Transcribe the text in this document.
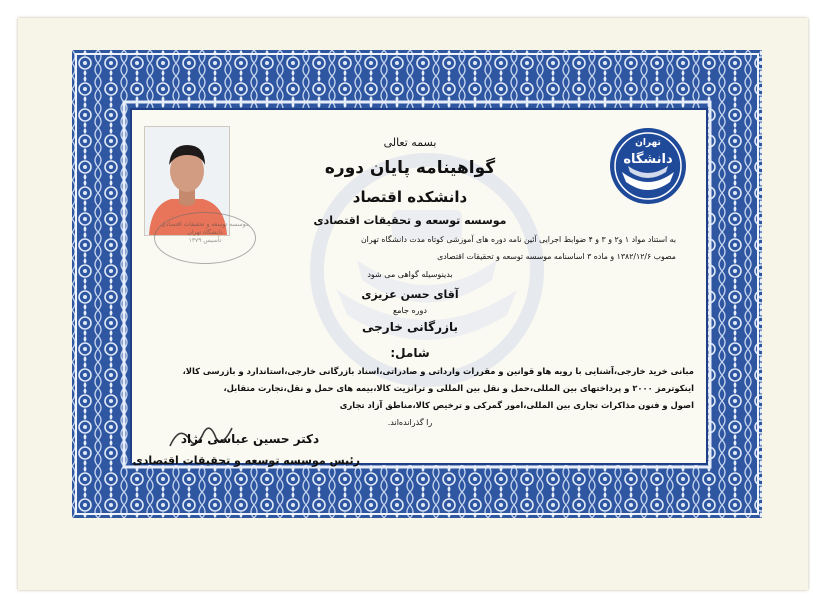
موسسه توسعه و تحقیقات اقتصادی
دانشگاه تهران
تأسیس ۱۳۷۹
تهران
دانشگاه
بسمه تعالی
گواهینامه پایان دوره
دانشکده اقتصاد
موسسه توسعه و تحقیقات اقتصادی
به استناد مواد ۱ و۲ و ۳ و ۴ ضوابط اجرایی آئین نامه دوره های آموزشی کوتاه مدت دانشگاه تهران
مصوب ۱۳۸۲/۱۲/۶ و ماده ۳ اساسنامه موسسه توسعه و تحقیقات اقتصادی
بدینوسیله گواهی می شود
آقای حسن عزیزی
دوره جامع
بازرگانی خارجی
شامل:
مبانی خرید خارجی،آشنایی با رویه هاو قوانین و مقررات وارداتی و صادراتی،اسناد بازرگانی خارجی،استاندارد و بازرسی کالا،
اینکوترمز ۲۰۰۰ و پرداختهای بین المللی،حمل و نقل بین المللی و ترانزیت کالا،بیمه های حمل و نقل،تجارت متقابل،
اصول و فنون مذاکرات تجاری بین المللی،امور گمرکی و ترخیص کالا،مناطق آزاد تجاری
را گذرانده‌اند.
دکتر حسین عباسی نژاد
رئیس موسسه توسعه و تحقیقات اقتصادی
